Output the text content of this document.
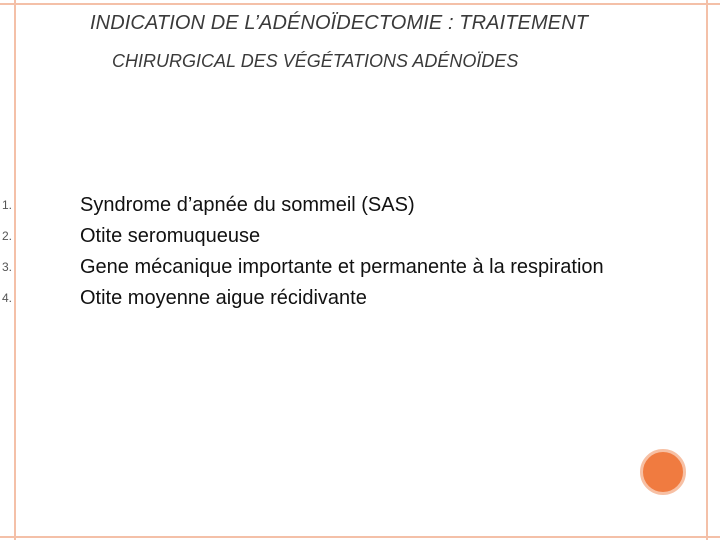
INDICATION DE L’ADÉNOÏDECTOMIE : TRAITEMENT
CHIRURGICAL DES VÉGÉTATIONS ADÉNOÏDES
1.	Syndrome d’apnée du sommeil (SAS)
2.	Otite seromuqueuse
3.	Gene mécanique importante et permanente à la respiration
4.	Otite moyenne aigue récidivante
